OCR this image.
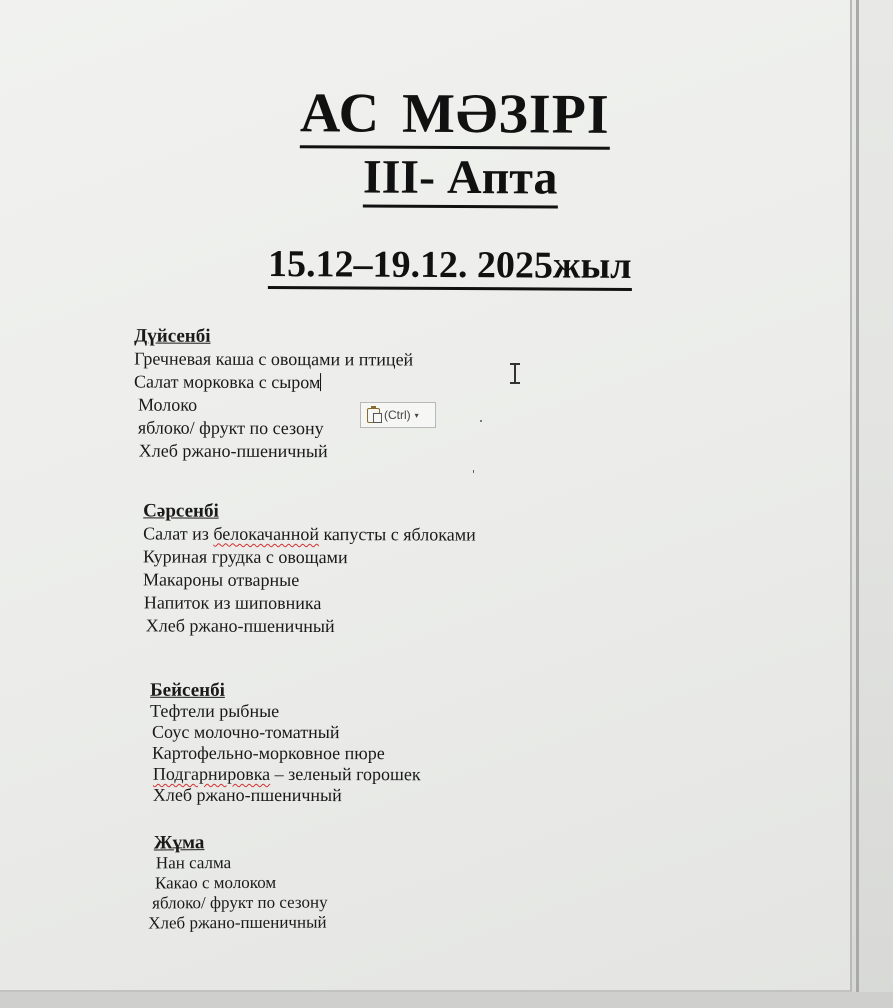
АС МӘЗІРІ
ІІІ- Апта
15.12–19.12. 2025жыл
Дүйсенбі
Гречневая каша с овощами и птицей
Салат морковка с сыром
Молоко
яблоко/ фрукт по сезону
Хлеб ржано-пшеничный
Сәрсенбі
Салат из белокачанной капусты с яблоками
Куриная грудка с овощами
Макароны отварные
Напиток из шиповника
Хлеб ржано-пшеничный
Бейсенбі
Тефтели рыбные
Соус молочно-томатный
Картофельно-морковное пюре
Подгарнировка – зеленый горошек
Хлеб ржано-пшеничный
Жұма
Нан салма
Какао с молоком
яблоко/ фрукт по сезону
Хлеб ржано-пшеничный
(Ctrl) ▾
